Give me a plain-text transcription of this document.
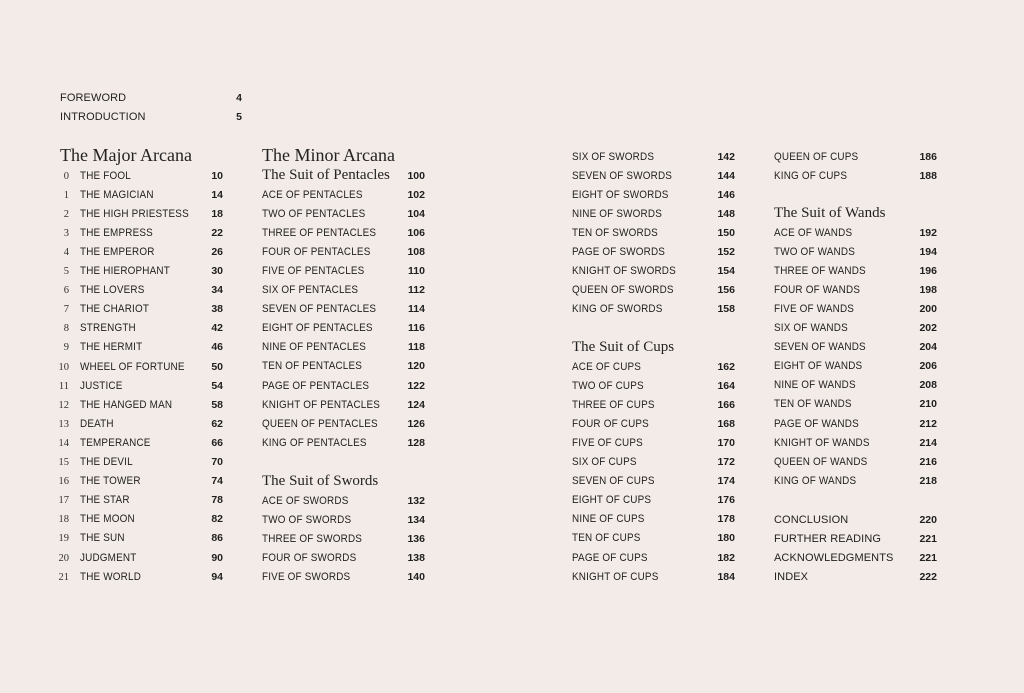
FOREWORD	4
INTRODUCTION	5
The Major Arcana
0 THE FOOL	10
1 THE MAGICIAN	14
2 THE HIGH PRIESTESS	18
3 THE EMPRESS	22
4 THE EMPEROR	26
5 THE HIEROPHANT	30
6 THE LOVERS	34
7 THE CHARIOT	38
8 STRENGTH	42
9 THE HERMIT	46
10 WHEEL OF FORTUNE	50
11 JUSTICE	54
12 THE HANGED MAN	58
13 DEATH	62
14 TEMPERANCE	66
15 THE DEVIL	70
16 THE TOWER	74
17 THE STAR	78
18 THE MOON	82
19 THE SUN	86
20 JUDGMENT	90
21 THE WORLD	94
The Minor Arcana
The Suit of Pentacles	100
ACE OF PENTACLES	102
TWO OF PENTACLES	104
THREE OF PENTACLES	106
FOUR OF PENTACLES	108
FIVE OF PENTACLES	110
SIX OF PENTACLES	112
SEVEN OF PENTACLES	114
EIGHT OF PENTACLES	116
NINE OF PENTACLES	118
TEN OF PENTACLES	120
PAGE OF PENTACLES	122
KNIGHT OF PENTACLES	124
QUEEN OF PENTACLES	126
KING OF PENTACLES	128
The Suit of Swords
ACE OF SWORDS	132
TWO OF SWORDS	134
THREE OF SWORDS	136
FOUR OF SWORDS	138
FIVE OF SWORDS	140
SIX OF SWORDS	142
SEVEN OF SWORDS	144
EIGHT OF SWORDS	146
NINE OF SWORDS	148
TEN OF SWORDS	150
PAGE OF SWORDS	152
KNIGHT OF SWORDS	154
QUEEN OF SWORDS	156
KING OF SWORDS	158
The Suit of Cups
ACE OF CUPS	162
TWO OF CUPS	164
THREE OF CUPS	166
FOUR OF CUPS	168
FIVE OF CUPS	170
SIX OF CUPS	172
SEVEN OF CUPS	174
EIGHT OF CUPS	176
NINE OF CUPS	178
TEN OF CUPS	180
PAGE OF CUPS	182
KNIGHT OF CUPS	184
QUEEN OF CUPS	186
KING OF CUPS	188
The Suit of Wands
ACE OF WANDS	192
TWO OF WANDS	194
THREE OF WANDS	196
FOUR OF WANDS	198
FIVE OF WANDS	200
SIX OF WANDS	202
SEVEN OF WANDS	204
EIGHT OF WANDS	206
NINE OF WANDS	208
TEN OF WANDS	210
PAGE OF WANDS	212
KNIGHT OF WANDS	214
QUEEN OF WANDS	216
KING OF WANDS	218
CONCLUSION	220
FURTHER READING	221
ACKNOWLEDGMENTS	221
INDEX	222
